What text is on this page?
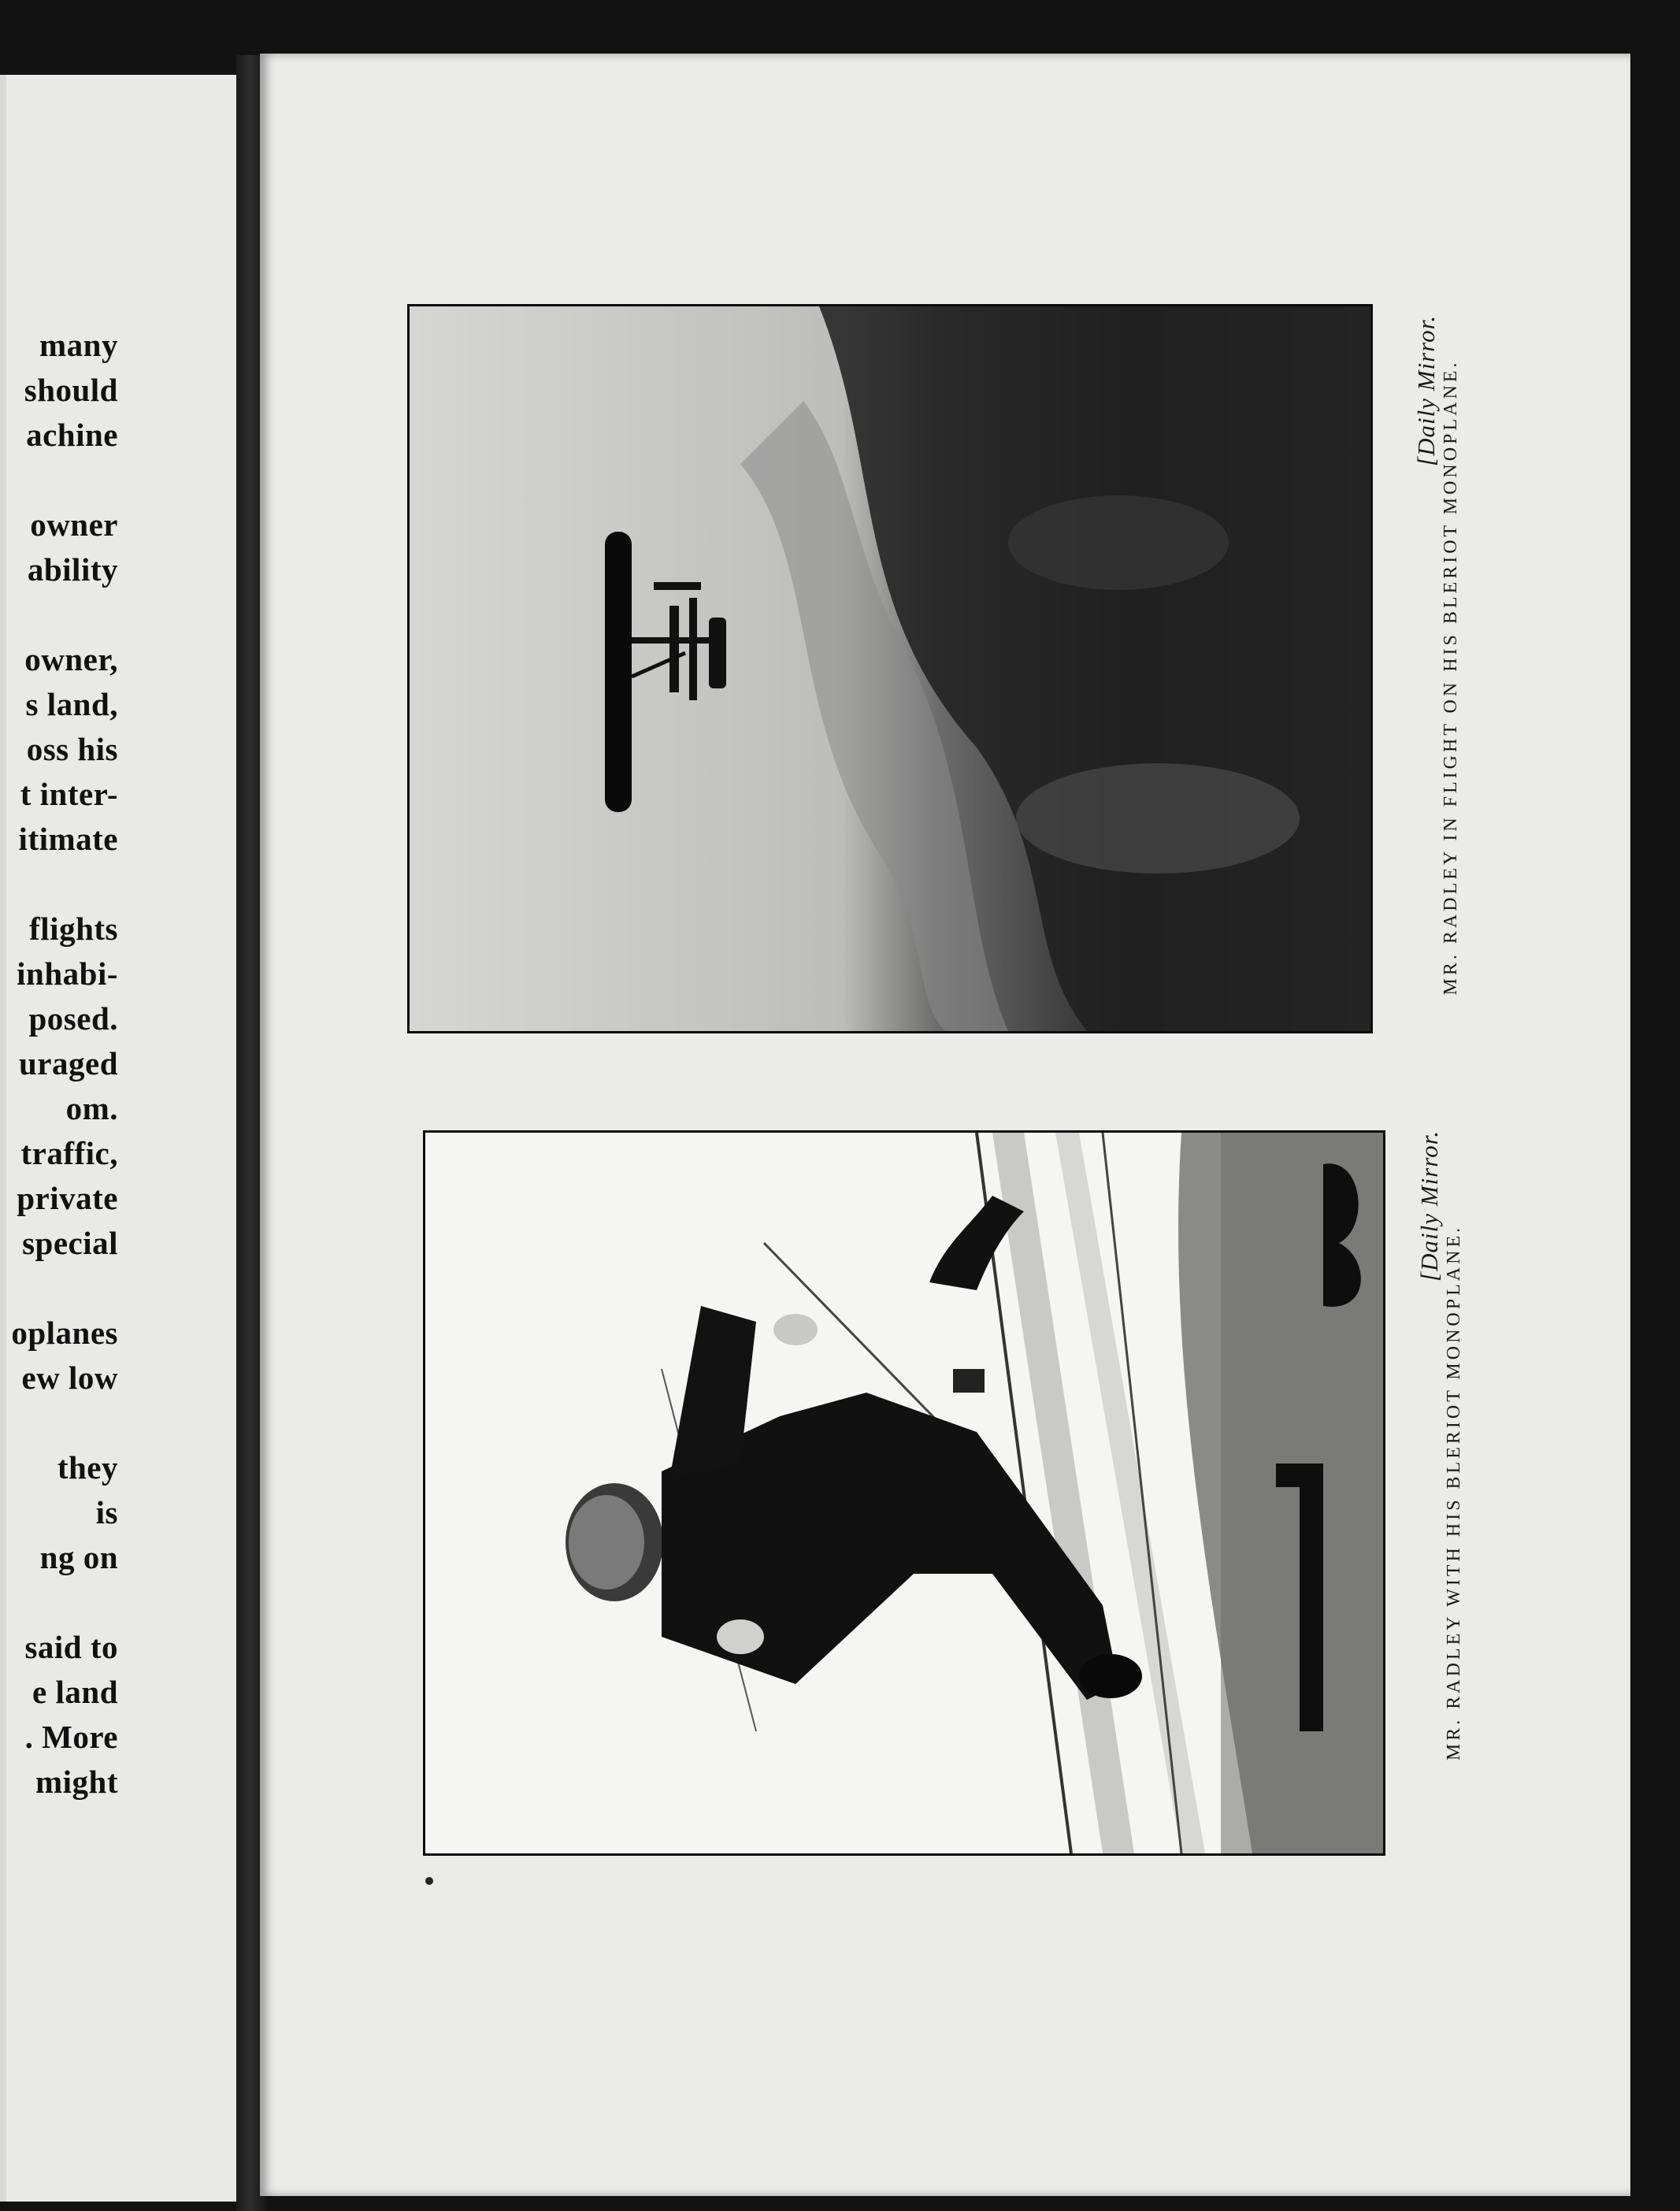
many
should
achine
owner
ability
owner,
s land,
oss his
t inter-
itimate
flights
inhabi-
posed.
uraged
om.
traffic,
private
special
oplanes
ew low
they
is
ng on
said to
e land
. More
might
[Daily Mirror. MR. RADLEY IN FLIGHT ON HIS BLERIOT MONOPLANE.
[Daily Mirror.
MR. RADLEY WITH HIS BLERIOT MONOPLANE.
